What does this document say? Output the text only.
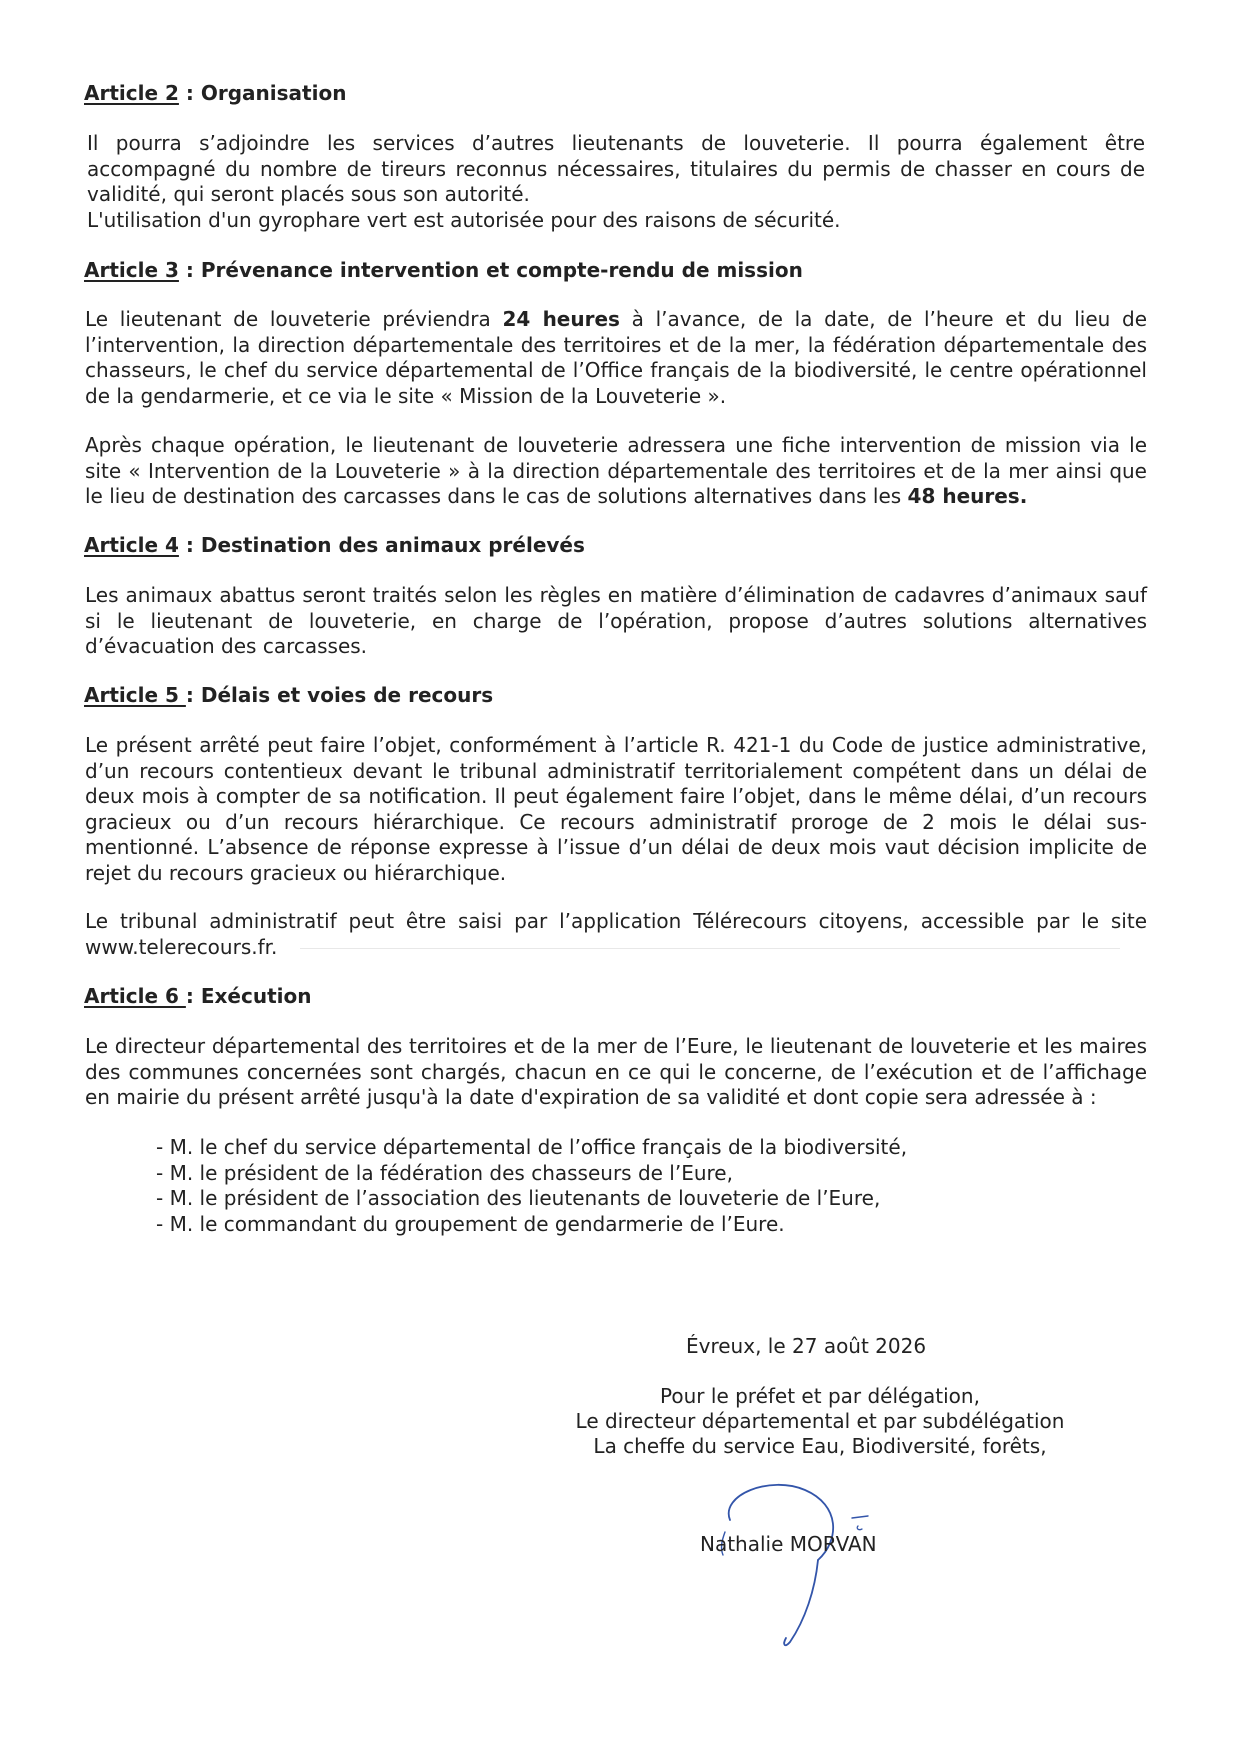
Article 2 : Organisation
Il pourra s’adjoindre les services d’autres lieutenants de louveterie. Il pourra également être accompagné du nombre de tireurs reconnus nécessaires, titulaires du permis de chasser en cours de validité, qui seront placés sous son autorité.
L'utilisation d'un gyrophare vert est autorisée pour des raisons de sécurité.
Article 3 : Prévenance intervention et compte-rendu de mission
Le lieutenant de louveterie préviendra 24 heures à l’avance, de la date, de l’heure et du lieu de l’intervention, la direction départementale des territoires et de la mer, la fédération départementale des chasseurs, le chef du service départemental de l’Office français de la biodiversité, le centre opérationnel de la gendarmerie, et ce via le site « Mission de la Louveterie ».
Après chaque opération, le lieutenant de louveterie adressera une fiche intervention de mission via le site « Intervention de la Louveterie » à la direction départementale des territoires et de la mer ainsi que le lieu de destination des carcasses dans le cas de solutions alternatives dans les 48 heures.
Article 4 : Destination des animaux prélevés
Les animaux abattus seront traités selon les règles en matière d’élimination de cadavres d’animaux sauf si le lieutenant de louveterie, en charge de l’opération, propose d’autres solutions alternatives d’évacuation des carcasses.
Article 5 : Délais et voies de recours
Le présent arrêté peut faire l’objet, conformément à l’article R. 421-1 du Code de justice administrative, d’un recours contentieux devant le tribunal administratif territorialement compétent dans un délai de deux mois à compter de sa notification. Il peut également faire l’objet, dans le même délai, d’un recours gracieux ou d’un recours hiérarchique. Ce recours administratif proroge de 2 mois le délai sus-mentionné. L’absence de réponse expresse à l’issue d’un délai de deux mois vaut décision implicite de rejet du recours gracieux ou hiérarchique.
Le tribunal administratif peut être saisi par l’application Télérecours citoyens, accessible par le site www.telerecours.fr.
Article 6 : Exécution
Le directeur départemental des territoires et de la mer de l’Eure, le lieutenant de louveterie et les maires des communes concernées sont chargés, chacun en ce qui le concerne, de l’exécution et de l’affichage en mairie du présent arrêté jusqu'à la date d'expiration de sa validité et dont copie sera adressée à :
- M. le chef du service départemental de l’office français de la biodiversité,
- M. le président de la fédération des chasseurs de l’Eure,
- M. le président de l’association des lieutenants de louveterie de l’Eure,
- M. le commandant du groupement de gendarmerie de l’Eure.
Évreux, le 27 août 2026
Pour le préfet et par délégation,
Le directeur départemental et par subdélégation
La cheffe du service Eau, Biodiversité, forêts,
Nathalie MORVAN
